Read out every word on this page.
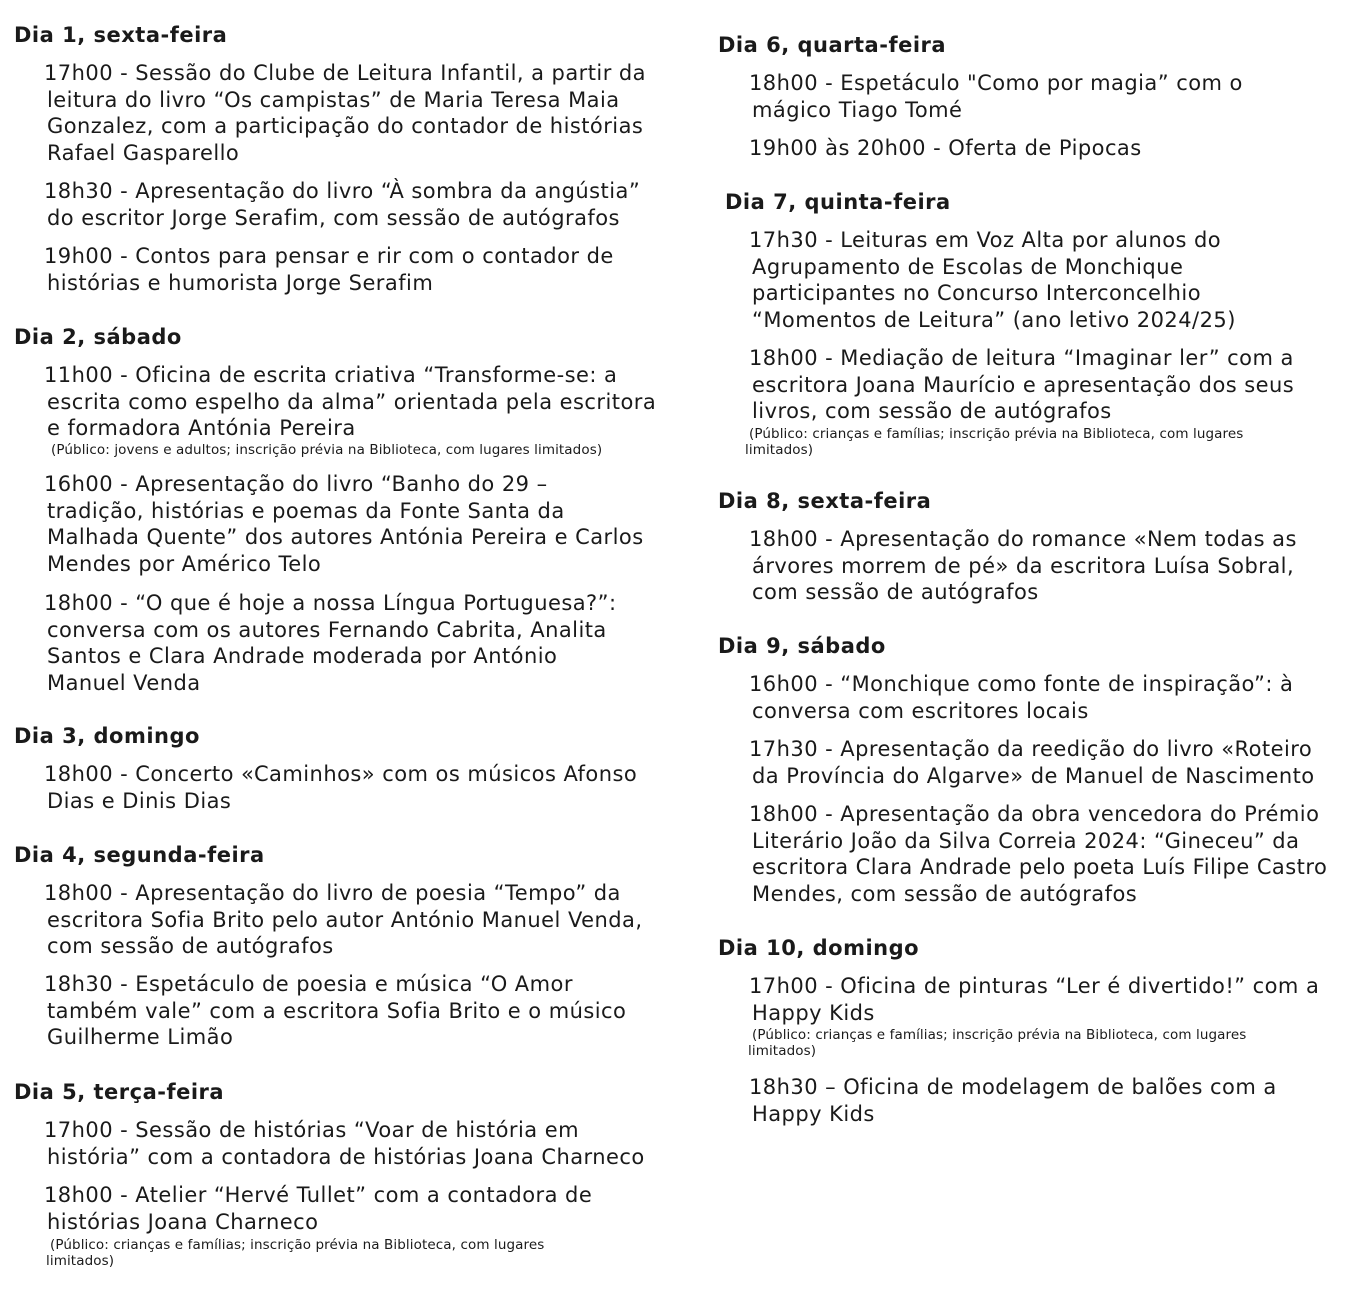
Dia 1, sexta-feira
17h00 - Sessão do Clube de Leitura Infantil, a partir da
leitura do livro “Os campistas” de Maria Teresa Maia
Gonzalez, com a participação do contador de histórias
Rafael Gasparello
18h30 - Apresentação do livro “À sombra da angústia”
do escritor Jorge Serafim, com sessão de autógrafos
19h00 - Contos para pensar e rir com o contador de
histórias e humorista Jorge Serafim
Dia 2, sábado
11h00 - Oficina de escrita criativa “Transforme-se: a
escrita como espelho da alma” orientada pela escritora
e formadora Antónia Pereira
(Público: jovens e adultos; inscrição prévia na Biblioteca, com lugares limitados)
16h00 - Apresentação do livro “Banho do 29 –
tradição, histórias e poemas da Fonte Santa da
Malhada Quente” dos autores Antónia Pereira e Carlos
Mendes por Américo Telo
18h00 - “O que é hoje a nossa Língua Portuguesa?”:
conversa com os autores Fernando Cabrita, Analita
Santos e Clara Andrade moderada por António
Manuel Venda
Dia 3, domingo
18h00 - Concerto «Caminhos» com os músicos Afonso
Dias e Dinis Dias
Dia 4, segunda-feira
18h00 - Apresentação do livro de poesia “Tempo” da
escritora Sofia Brito pelo autor António Manuel Venda,
com sessão de autógrafos
18h30 - Espetáculo de poesia e música “O Amor
também vale” com a escritora Sofia Brito e o músico
Guilherme Limão
Dia 5, terça-feira
17h00 - Sessão de histórias “Voar de história em
história” com a contadora de histórias Joana Charneco
18h00 - Atelier “Hervé Tullet” com a contadora de
histórias Joana Charneco
(Público: crianças e famílias; inscrição prévia na Biblioteca, com lugares
limitados)
Dia 6, quarta-feira
18h00 - Espetáculo "Como por magia” com o
mágico Tiago Tomé
19h00 às 20h00 - Oferta de Pipocas
Dia 7, quinta-feira
17h30 - Leituras em Voz Alta por alunos do
Agrupamento de Escolas de Monchique
participantes no Concurso Interconcelhio
“Momentos de Leitura” (ano letivo 2024/25)
18h00 - Mediação de leitura “Imaginar ler” com a
escritora Joana Maurício e apresentação dos seus
livros, com sessão de autógrafos
(Público: crianças e famílias; inscrição prévia na Biblioteca, com lugares
limitados)
Dia 8, sexta-feira
18h00 - Apresentação do romance «Nem todas as
árvores morrem de pé» da escritora Luísa Sobral,
com sessão de autógrafos
Dia 9, sábado
16h00 - “Monchique como fonte de inspiração”: à
conversa com escritores locais
17h30 - Apresentação da reedição do livro «Roteiro
da Província do Algarve» de Manuel de Nascimento
18h00 - Apresentação da obra vencedora do Prémio
Literário João da Silva Correia 2024: “Gineceu” da
escritora Clara Andrade pelo poeta Luís Filipe Castro
Mendes, com sessão de autógrafos
Dia 10, domingo
17h00 - Oficina de pinturas “Ler é divertido!” com a
Happy Kids
(Público: crianças e famílias; inscrição prévia na Biblioteca, com lugares
limitados)
18h30 – Oficina de modelagem de balões com a
Happy Kids
